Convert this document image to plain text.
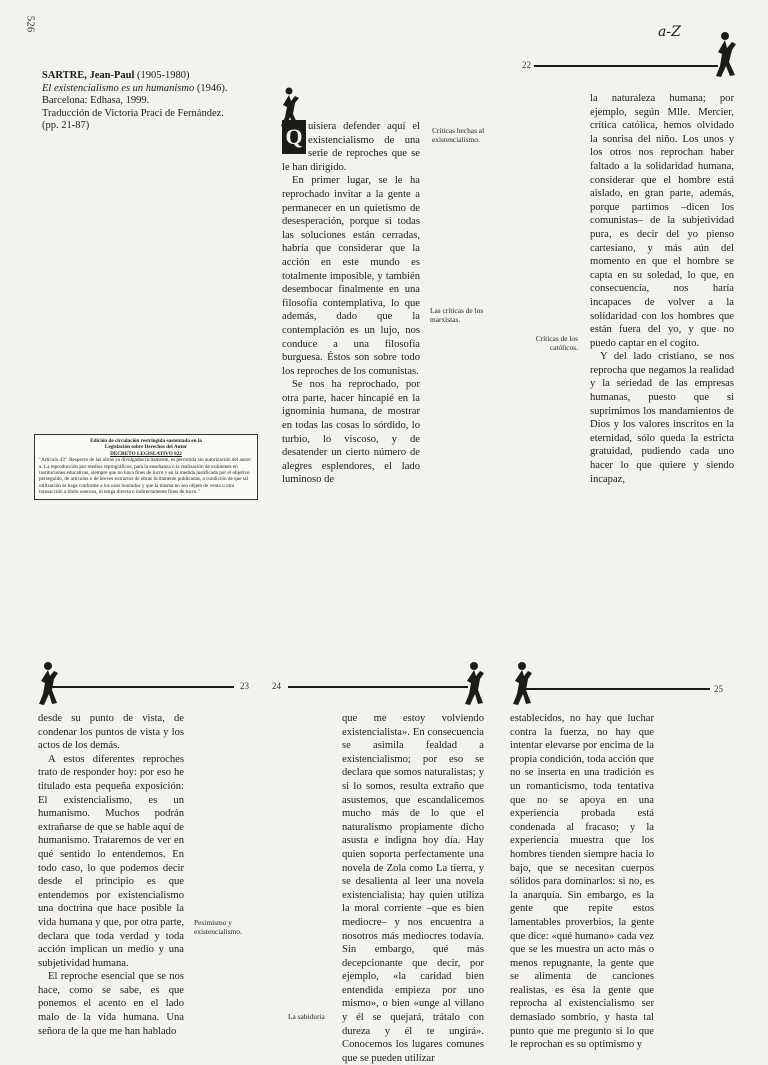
526
SARTRE, Jean-Paul (1905-1980)
El existencialismo es un humanismo (1946).
Barcelona: Edhasa, 1999.
Traducción de Victoria Praci de Fernández.
(pp. 21-87)
Edición de circulación restringida sustentada en la
Legislación sobre Derechos del Autor
DECRETO LEGISLATIVO 822
"Artículo 43º. Respecto de las obras ya divulgadas lícitamente, es permitida sin autorización del autor:
a. La reproducción por medios reprográficos, para la enseñanza o la realización de exámenes en instituciones educativas, siempre que no haya fines de lucro y en la medida justificada por el objetivo perseguido, de artículos o de breves extractos de obras lícitamente publicadas, a condición de que tal utilización se haga conforme a los usos honrados y que la misma no sea objeto de venta u otra transacción a título oneroso, ni tenga directa o indirectamente fines de lucro."
a-Z
22

Q uisiera defender aquí el existencialismo de una serie de reproches que se le han dirigido.

En primer lugar, se le ha reprochado invitar a la gente a permanecer en un quietismo de desesperación, porque si todas las soluciones están cerradas, habría que considerar que la acción en este mundo es totalmente imposible, y también desembocar finalmente en una filosofía contemplativa, lo que además, dado que la contemplación es un lujo, nos conduce a una filosofía burguesa. Éstos son sobre todo los reproches de los comunistas.

Se nos ha reprochado, por otra parte, hacer hincapié en la ignominia humana, de mostrar en todas las cosas lo sórdido, lo turbio, lo viscoso, y de desatender un cierto número de alegres esplendores, el lado luminoso de

Críticas hechas al existencialismo.
Las críticas de los marxistas.
Críticas de los católicos.

la naturaleza humana; por ejemplo, según Mlle. Mercier, crítica católica, hemos olvidado la sonrisa del niño. Los unos y los otros nos reprochan haber faltado a la solidaridad humana, considerar que el hombre está aislado, en gran parte, además, porque partimos –dicen los comunistas– de la subjetividad pura, es decir del yo pienso cartesiano, y más aún del momento en que el hombre se capta en su soledad, lo que, en consecuencia, nos haría incapaces de volver a la solidaridad con los hombres que están fuera del yo, y que no puedo captar en el cogito.

Y del lado cristiano, se nos reprocha que negamos la realidad y la seriedad de las empresas humanas, puesto que si suprimimos los mandamientos de Dios y los valores inscritos en la eternidad, sólo queda la estricta gratuidad, pudiendo cada uno hacer lo que quiere y siendo incapaz,

23

desde su punto de vista, de condenar los puntos de vista y los actos de los demás.

A estos diferentes reproches trato de responder hoy: por eso he titulado esta pequeña exposición: El existencialismo, es un humanismo. Muchos podrán extrañarse de que se hable aquí de humanismo. Trataremos de ver en qué sentido lo entendemos. En todo caso, lo que podemos decir desde el principio es que entendemos por existencialismo una doctrina que hace posible la vida humana y que, por otra parte, declara que toda verdad y toda acción implican un medio y una subjetividad humana.

El reproche esencial que se nos hace, como se sabe, es que ponemos el acento en el lado malo de la vida humana. Una señora de la que me han hablado

Pesimismo y existencialismo.
24

que me estoy volviendo existencialista». En consecuencia se asimila fealdad a existencialismo; por eso se declara que somos naturalistas; y si lo somos, resulta extraño que asustemos, que escandalicemos mucho más de lo que el naturalismo propiamente dicho asusta e indigna hoy día. Hay quien soporta perfectamente una novela de Zola como La tierra, y se desalienta al leer una novela existencialista; hay quien utiliza la moral corriente –que es bien mediocre– y nos encuentra a nosotros más mediocres todavía. Sin embargo, qué más decepcionante que decir, por ejemplo, «la caridad bien entendida empieza por uno mismo», o bien «unge al villano y él se quejará, trátalo con dureza y él te ungirá». Conocemos los lugares comunes que se pueden utilizar

La sabiduría
25

establecidos, no hay que luchar contra la fuerza, no hay que intentar elevarse por encima de la propia condición, toda acción que no se inserta en una tradición es un romanticismo, toda tentativa que no se apoya en una experiencia probada está condenada al fracaso; y la experiencia muestra que los hombres tienden siempre hacia lo bajo, que se necesitan cuerpos sólidos para dominarlos: si no, es la anarquía. Sin embargo, es la gente que repite estos lamentables proverbios, la gente que dice: «qué humano» cada vez que se les muestra un acto más o menos repugnante, la gente que se alimenta de canciones realistas, es ésa la gente que reprocha al existencialismo ser demasiado sombrío, y hasta tal punto que me pregunto si lo que le reprochan es su optimismo y
